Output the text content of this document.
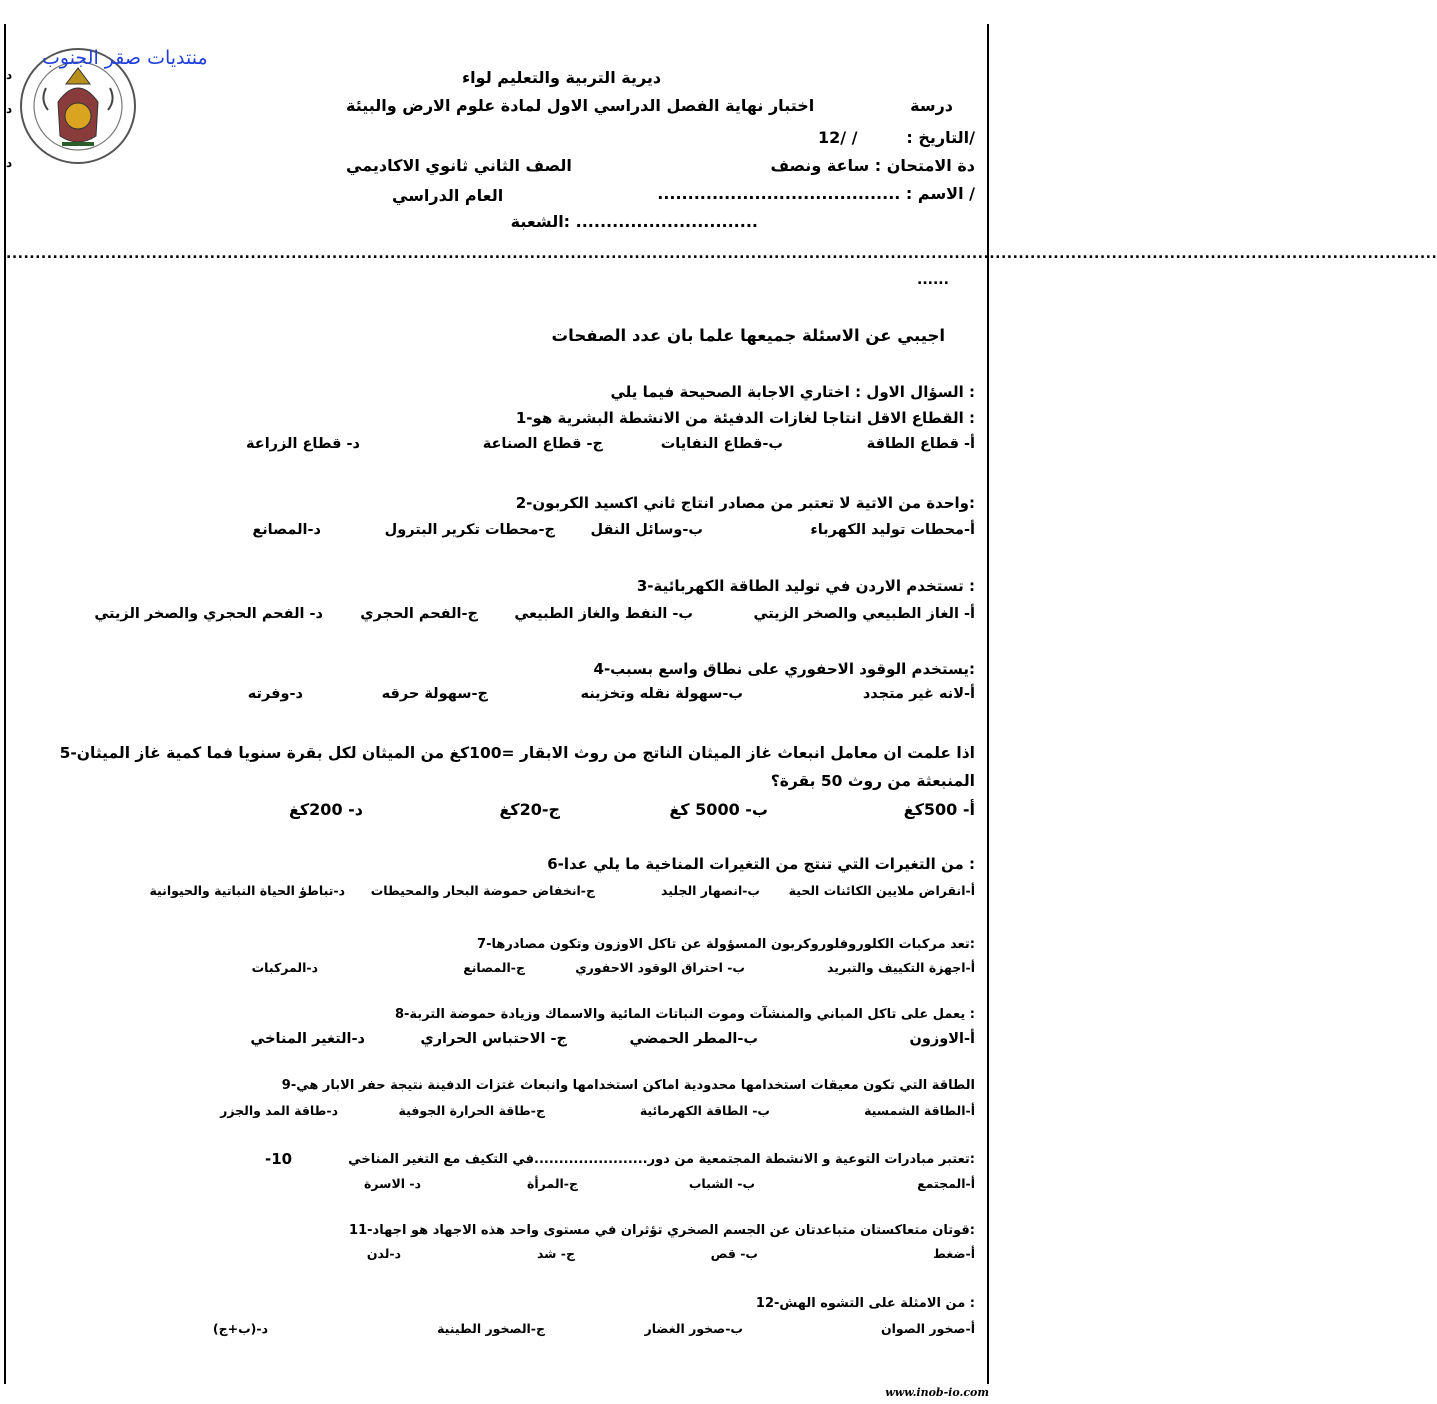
منتديات صقر الجنوب
د
د
د
ديرية التربية والتعليم لواء
درسة
اختبار نهاية الفصل الدراسي الاول لمادة علوم الارض والبيئة
/التاريخ :
12/ /
دة الامتحان : ساعة ونصف
الصف الثاني ثانوي الاكاديمي
/ الاسم : ........................................
العام الدراسي
.............................. :الشعبة
......................................................................................................................................................................................................................................................
......
اجيبي عن الاسئلة جميعها علما بان عدد الصفحات
: السؤال الاول : اختاري الاجابة الصحيحة فيما يلي
: القطاع الاقل انتاجا لغازات الدفيئة من الانشطة البشرية هو-1
أ- قطاع الطاقة
ب-قطاع النفايات
ج- قطاع الصناعة
د- قطاع الزراعة
:واحدة من الاتية لا تعتبر من مصادر انتاج ثاني اكسيد الكربون-2
أ-محطات توليد الكهرباء
ب-وسائل النقل
ج-محطات تكرير البترول
د-المصانع
: تستخدم الاردن في توليد الطاقة الكهربائية-3
أ- الغاز الطبيعي والصخر الزيتي
ب- النفط والغاز الطبيعي
ج-الفحم الحجري
د- الفحم الحجري والصخر الزيتي
:يستخدم الوقود الاحفوري على نطاق واسع بسبب-4
أ-لانه غير متجدد
ب-سهولة نقله وتخزينه
ج-سهولة حرقه
د-وفرته
اذا علمت ان معامل انبعاث غاز الميثان الناتج من روث الابقار =100كغ من الميثان لكل بقرة سنويا فما كمية غاز الميثان-5
المنبعثة من روث 50 بقرة؟
أ- 500كغ
ب- 5000 كغ
ج-20كغ
د- 200كغ
: من التغيرات التي تنتج من التغيرات المناخية ما يلي عدا-6
أ-انقراض ملايين الكائنات الحية
ب-انصهار الجليد
ج-انخفاض حموضة البحار والمحيطات
د-تباطؤ الحياة النباتية والحيوانية
:تعد مركبات الكلوروفلوروكربون المسؤولة عن تاكل الاوزون وتكون مصادرها-7
أ-اجهزة التكييف والتبريد
ب- احتراق الوقود الاحفوري
ج-المصانع
د-المركبات
: يعمل على تاكل المباني والمنشآت وموت النباتات المائية والاسماك وزيادة حموضة التربة-8
أ-الاوزون
ب-المطر الحمضي
ج- الاحتباس الحراري
د-التغير المناخي
الطاقة التي تكون معيقات استخدامها محدودية اماكن استخدامها وانبعاث غتزات الدفينة نتيجة حفر الابار هي-9
أ-الطاقة الشمسية
ب- الطاقة الكهرمائية
ج-طاقة الحرارة الجوفية
د-طاقة المد والجزر
:تعتبر مبادرات التوعية و الانشطة المجتمعية من دور.......................في التكيف مع التغير المناخي
-10
أ-المجتمع
ب- الشباب
ج-المرأة
د- الاسرة
:قوتان متعاكستان متباعدتان عن الجسم الصخري تؤثران في مستوى واحد هذه الاجهاد هو اجهاد-11
أ-ضغط
ب- قص
ج- شد
د-لدن
: من الامثلة على التشوه الهش-12
أ-صخور الصوان
ب-صخور الغضار
ج-الصخور الطينية
د-(ب+ج)
www.inob-io.com
